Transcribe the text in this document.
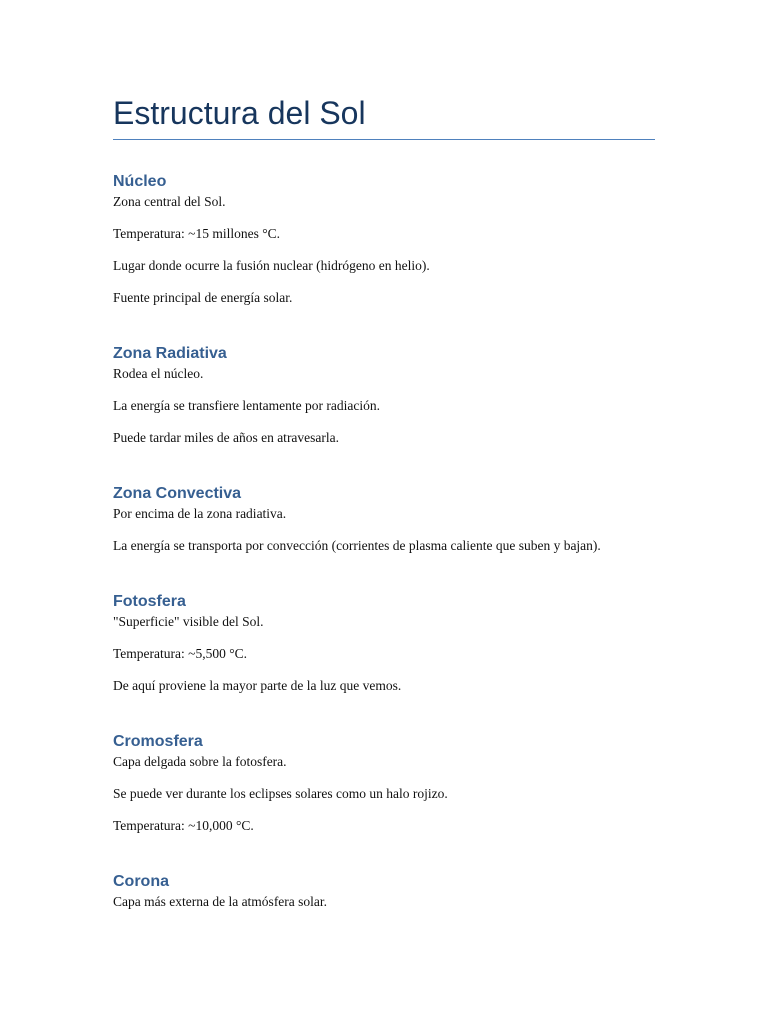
Estructura del Sol
Núcleo

Zona central del Sol.

Temperatura: ~15 millones °C.

Lugar donde ocurre la fusión nuclear (hidrógeno en helio).

Fuente principal de energía solar.

Zona Radiativa

Rodea el núcleo.

La energía se transfiere lentamente por radiación.

Puede tardar miles de años en atravesarla.

Zona Convectiva

Por encima de la zona radiativa.

La energía se transporta por convección (corrientes de plasma caliente que suben y bajan).

Fotosfera

"Superficie" visible del Sol.

Temperatura: ~5,500 °C.

De aquí proviene la mayor parte de la luz que vemos.

Cromosfera

Capa delgada sobre la fotosfera.

Se puede ver durante los eclipses solares como un halo rojizo.

Temperatura: ~10,000 °C.

Corona

Capa más externa de la atmósfera solar.
